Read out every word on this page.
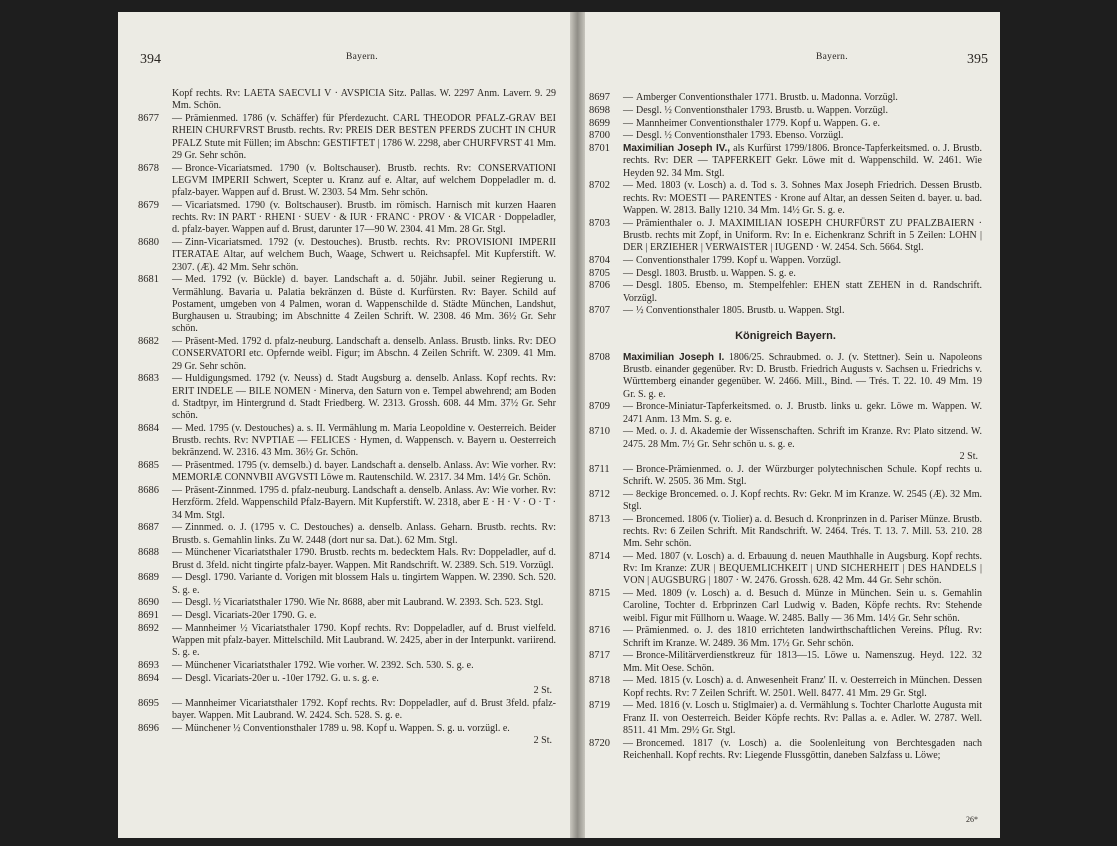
394	Bayern.
Kopf rechts. Rv: LAETA SAECVLI V · AVSPICIA Sitz. Pallas. W. 2297 Anm. Laverr. 9. 29 Mm. Schön.
8677	— Prämienmed. 1786 (v. Schäffer) für Pferdezucht. CARL THEODOR PFALZ-GRAV BEI RHEIN CHURFVRST Brustb. rechts. Rv: PREIS DER BESTEN PFERDS ZUCHT IN CHUR PFALZ Stute mit Füllen; im Abschn: GESTIFTET | 1786 W. 2298, aber CHURFVRST 41 Mm. 29 Gr. Sehr schön.
8678	— Bronce-Vicariatsmed. 1790 (v. Boltschauser). Brustb. rechts. Rv: CONSERVATIONI LEGVM IMPERII Schwert, Scepter u. Kranz auf e. Altar, auf welchem Doppeladler m. d. pfalz-bayer. Wappen auf d. Brust. W. 2303. 54 Mm. Sehr schön.
8679	— Vicariatsmed. 1790 (v. Boltschauser). Brustb. im römisch. Harnisch mit kurzen Haaren rechts. Rv: IN PART · RHENI · SUEV · & IUR · FRANC · PROV · & VICAR · Doppeladler, d. pfalz-bayer. Wappen auf d. Brust, darunter 17—90 W. 2304. 41 Mm. 28 Gr. Stgl.
8680	— Zinn-Vicariatsmed. 1792 (v. Destouches). Brustb. rechts. Rv: PROVISIONI IMPERII ITERATAE Altar, auf welchem Buch, Waage, Schwert u. Reichsapfel. Mit Kupferstift. W. 2307. (Æ). 42 Mm. Sehr schön.
8681	— Med. 1792 (v. Bückle) d. bayer. Landschaft a. d. 50jähr. Jubil. seiner Regierung u. Vermählung. Bavaria u. Palatia bekränzen d. Büste d. Kurfürsten. Rv: Bayer. Schild auf Postament, umgeben von 4 Palmen, woran d. Wappenschilde d. Städte München, Landshut, Burghausen u. Straubing; im Abschnitte 4 Zeilen Schrift. W. 2308. 46 Mm. 36½ Gr. Sehr schön.
8682	— Präsent-Med. 1792 d. pfalz-neuburg. Landschaft a. denselb. Anlass. Brustb. links. Rv: DEO CONSERVATORI etc. Opfernde weibl. Figur; im Abschn. 4 Zeilen Schrift. W. 2309. 41 Mm. 29 Gr. Sehr schön.
8683	— Huldigungsmed. 1792 (v. Neuss) d. Stadt Augsburg a. denselb. Anlass. Kopf rechts. Rv: ERIT INDELE — BILE NOMEN · Minerva, den Saturn von e. Tempel abwehrend; am Boden d. Stadtpyr, im Hintergrund d. Stadt Friedberg. W. 2313. Grossh. 608. 44 Mm. 37½ Gr. Sehr schön.
8684	— Med. 1795 (v. Destouches) a. s. II. Vermählung m. Maria Leopoldine v. Oesterreich. Beider Brustb. rechts. Rv: NVPTIAE — FELICES · Hymen, d. Wappensch. v. Bayern u. Oesterreich bekränzend. W. 2316. 43 Mm. 36½ Gr. Schön.
8685	— Präsentmed. 1795 (v. demselb.) d. bayer. Landschaft a. denselb. Anlass. Av: Wie vorher. Rv: MEMORIÆ CONNVBII AVGVSTI Löwe m. Rautenschild. W. 2317. 34 Mm. 14½ Gr. Schön.
8686	— Präsent-Zinnmed. 1795 d. pfalz-neuburg. Landschaft a. denselb. Anlass. Av: Wie vorher. Rv: Herzförm. 2feld. Wappenschild Pfalz-Bayern. Mit Kupferstift. W. 2318, aber E · H · V · O · T · 34 Mm. Stgl.
8687	— Zinnmed. o. J. (1795 v. C. Destouches) a. denselb. Anlass. Geharn. Brustb. rechts. Rv: Brustb. s. Gemahlin links. Zu W. 2448 (dort nur sa. Dat.). 62 Mm. Stgl.
8688	— Münchener Vicariatsthaler 1790. Brustb. rechts m. bedecktem Hals. Rv: Doppeladler, auf d. Brust d. 3feld. nicht tingirte pfalz-bayer. Wappen. Mit Randschrift. W. 2389. Sch. 519. Vorzügl.
8689	— Desgl. 1790. Variante d. Vorigen mit blossem Hals u. tingirtem Wappen. W. 2390. Sch. 520. S. g. e.
8690	— Desgl. ½ Vicariatsthaler 1790. Wie Nr. 8688, aber mit Laubrand. W. 2393. Sch. 523. Stgl.
8691	— Desgl. Vicariats-20er 1790. G. e.
8692	— Mannheimer ½ Vicariatsthaler 1790. Kopf rechts. Rv: Doppeladler, auf d. Brust vielfeld. Wappen mit pfalz-bayer. Mittelschild. Mit Laubrand. W. 2425, aber in der Interpunkt. variirend. S. g. e.
8693	— Münchener Vicariatsthaler 1792. Wie vorher. W. 2392. Sch. 530. S. g. e.
8694	— Desgl. Vicariats-20er u. -10er 1792. G. u. s. g. e.
2 St.
8695	— Mannheimer Vicariatsthaler 1792. Kopf rechts. Rv: Doppeladler, auf d. Brust 3feld. pfalz-bayer. Wappen. Mit Laubrand. W. 2424. Sch. 528. S. g. e.
8696	— Münchener ½ Conventionsthaler 1789 u. 98. Kopf u. Wappen. S. g. u. vorzügl. e.
2 St.
Bayern.	395
8697	— Amberger Conventionsthaler 1771. Brustb. u. Madonna. Vorzügl.
8698	— Desgl. ½ Conventionsthaler 1793. Brustb. u. Wappen. Vorzügl.
8699	— Mannheimer Conventionsthaler 1779. Kopf u. Wappen. G. e.
8700	— Desgl. ½ Conventionsthaler 1793. Ebenso. Vorzügl.
8701	Maximilian Joseph IV., als Kurfürst 1799/1806. Bronce-Tapferkeitsmed. o. J. Brustb. rechts. Rv: DER — TAPFERKEIT Gekr. Löwe mit d. Wappenschild. W. 2461. Wie Heyden 92. 34 Mm. Stgl.
8702	— Med. 1803 (v. Losch) a. d. Tod s. 3. Sohnes Max Joseph Friedrich. Dessen Brustb. rechts. Rv: MOESTI — PARENTES · Krone auf Altar, an dessen Seiten d. bayer. u. bad. Wappen. W. 2813. Bally 1210. 34 Mm. 14½ Gr. S. g. e.
8703	— Prämienthaler o. J. MAXIMILIAN IOSEPH CHURFÜRST ZU PFALZBAIERN · Brustb. rechts mit Zopf, in Uniform. Rv: In e. Eichenkranz Schrift in 5 Zeilen: LOHN | DER | ERZIEHER | VERWAISTER | IUGEND · W. 2454. Sch. 5664. Stgl.
8704	— Conventionsthaler 1799. Kopf u. Wappen. Vorzügl.
8705	— Desgl. 1803. Brustb. u. Wappen. S. g. e.
8706	— Desgl. 1805. Ebenso, m. Stempelfehler: EHEN statt ZEHEN in d. Randschrift. Vorzügl.
8707	— ½ Conventionsthaler 1805. Brustb. u. Wappen. Stgl.
Königreich Bayern.
8708	Maximilian Joseph I. 1806/25. Schraubmed. o. J. (v. Stettner). Sein u. Napoleons Brustb. einander gegenüber. Rv: D. Brustb. Friedrich Augusts v. Sachsen u. Friedrichs v. Württemberg einander gegenüber. W. 2466. Mill., Bind. — Trés. T. 22. 10. 49 Mm. 19 Gr. S. g. e.
8709	— Bronce-Miniatur-Tapferkeitsmed. o. J. Brustb. links u. gekr. Löwe m. Wappen. W. 2471 Anm. 13 Mm. S. g. e.
8710	— Med. o. J. d. Akademie der Wissenschaften. Schrift im Kranze. Rv: Plato sitzend. W. 2475. 28 Mm. 7½ Gr. Sehr schön u. s. g. e.
2 St.
8711	— Bronce-Prämienmed. o. J. der Würzburger polytechnischen Schule. Kopf rechts u. Schrift. W. 2505. 36 Mm. Stgl.
8712	— 8eckige Broncemed. o. J. Kopf rechts. Rv: Gekr. M im Kranze. W. 2545 (Æ). 32 Mm. Stgl.
8713	— Broncemed. 1806 (v. Tiolier) a. d. Besuch d. Kronprinzen in d. Pariser Münze. Brustb. rechts. Rv: 6 Zeilen Schrift. Mit Randschrift. W. 2464. Trés. T. 13. 7. Mill. 53. 210. 28 Mm. Sehr schön.
8714	— Med. 1807 (v. Losch) a. d. Erbauung d. neuen Mauthhalle in Augsburg. Kopf rechts. Rv: Im Kranze: ZUR | BEQUEMLICHKEIT | UND SICHERHEIT | DES HANDELS | VON | AUGSBURG | 1807 · W. 2476. Grossh. 628. 42 Mm. 44 Gr. Sehr schön.
8715	— Med. 1809 (v. Losch) a. d. Besuch d. Münze in München. Sein u. s. Gemahlin Caroline, Tochter d. Erbprinzen Carl Ludwig v. Baden, Köpfe rechts. Rv: Stehende weibl. Figur mit Füllhorn u. Waage. W. 2485. Bally — 36 Mm. 14½ Gr. Sehr schön.
8716	— Prämienmed. o. J. des 1810 errichteten landwirthschaftlichen Vereins. Pflug. Rv: Schrift im Kranze. W. 2489. 36 Mm. 17½ Gr. Sehr schön.
8717	— Bronce-Militärverdienstkreuz für 1813—15. Löwe u. Namenszug. Heyd. 122. 32 Mm. Mit Oese. Schön.
8718	— Med. 1815 (v. Losch) a. d. Anwesenheit Franz' II. v. Oesterreich in München. Dessen Kopf rechts. Rv: 7 Zeilen Schrift. W. 2501. Well. 8477. 41 Mm. 29 Gr. Stgl.
8719	— Med. 1816 (v. Losch u. Stiglmaier) a. d. Vermählung s. Tochter Charlotte Augusta mit Franz II. von Oesterreich. Beider Köpfe rechts. Rv: Pallas a. e. Adler. W. 2787. Well. 8511. 41 Mm. 29½ Gr. Stgl.
8720	— Broncemed. 1817 (v. Losch) a. die Soolenleitung von Berchtesgaden nach Reichenhall. Kopf rechts. Rv: Liegende Flussgöttin, daneben Salzfass u. Löwe;
26*
